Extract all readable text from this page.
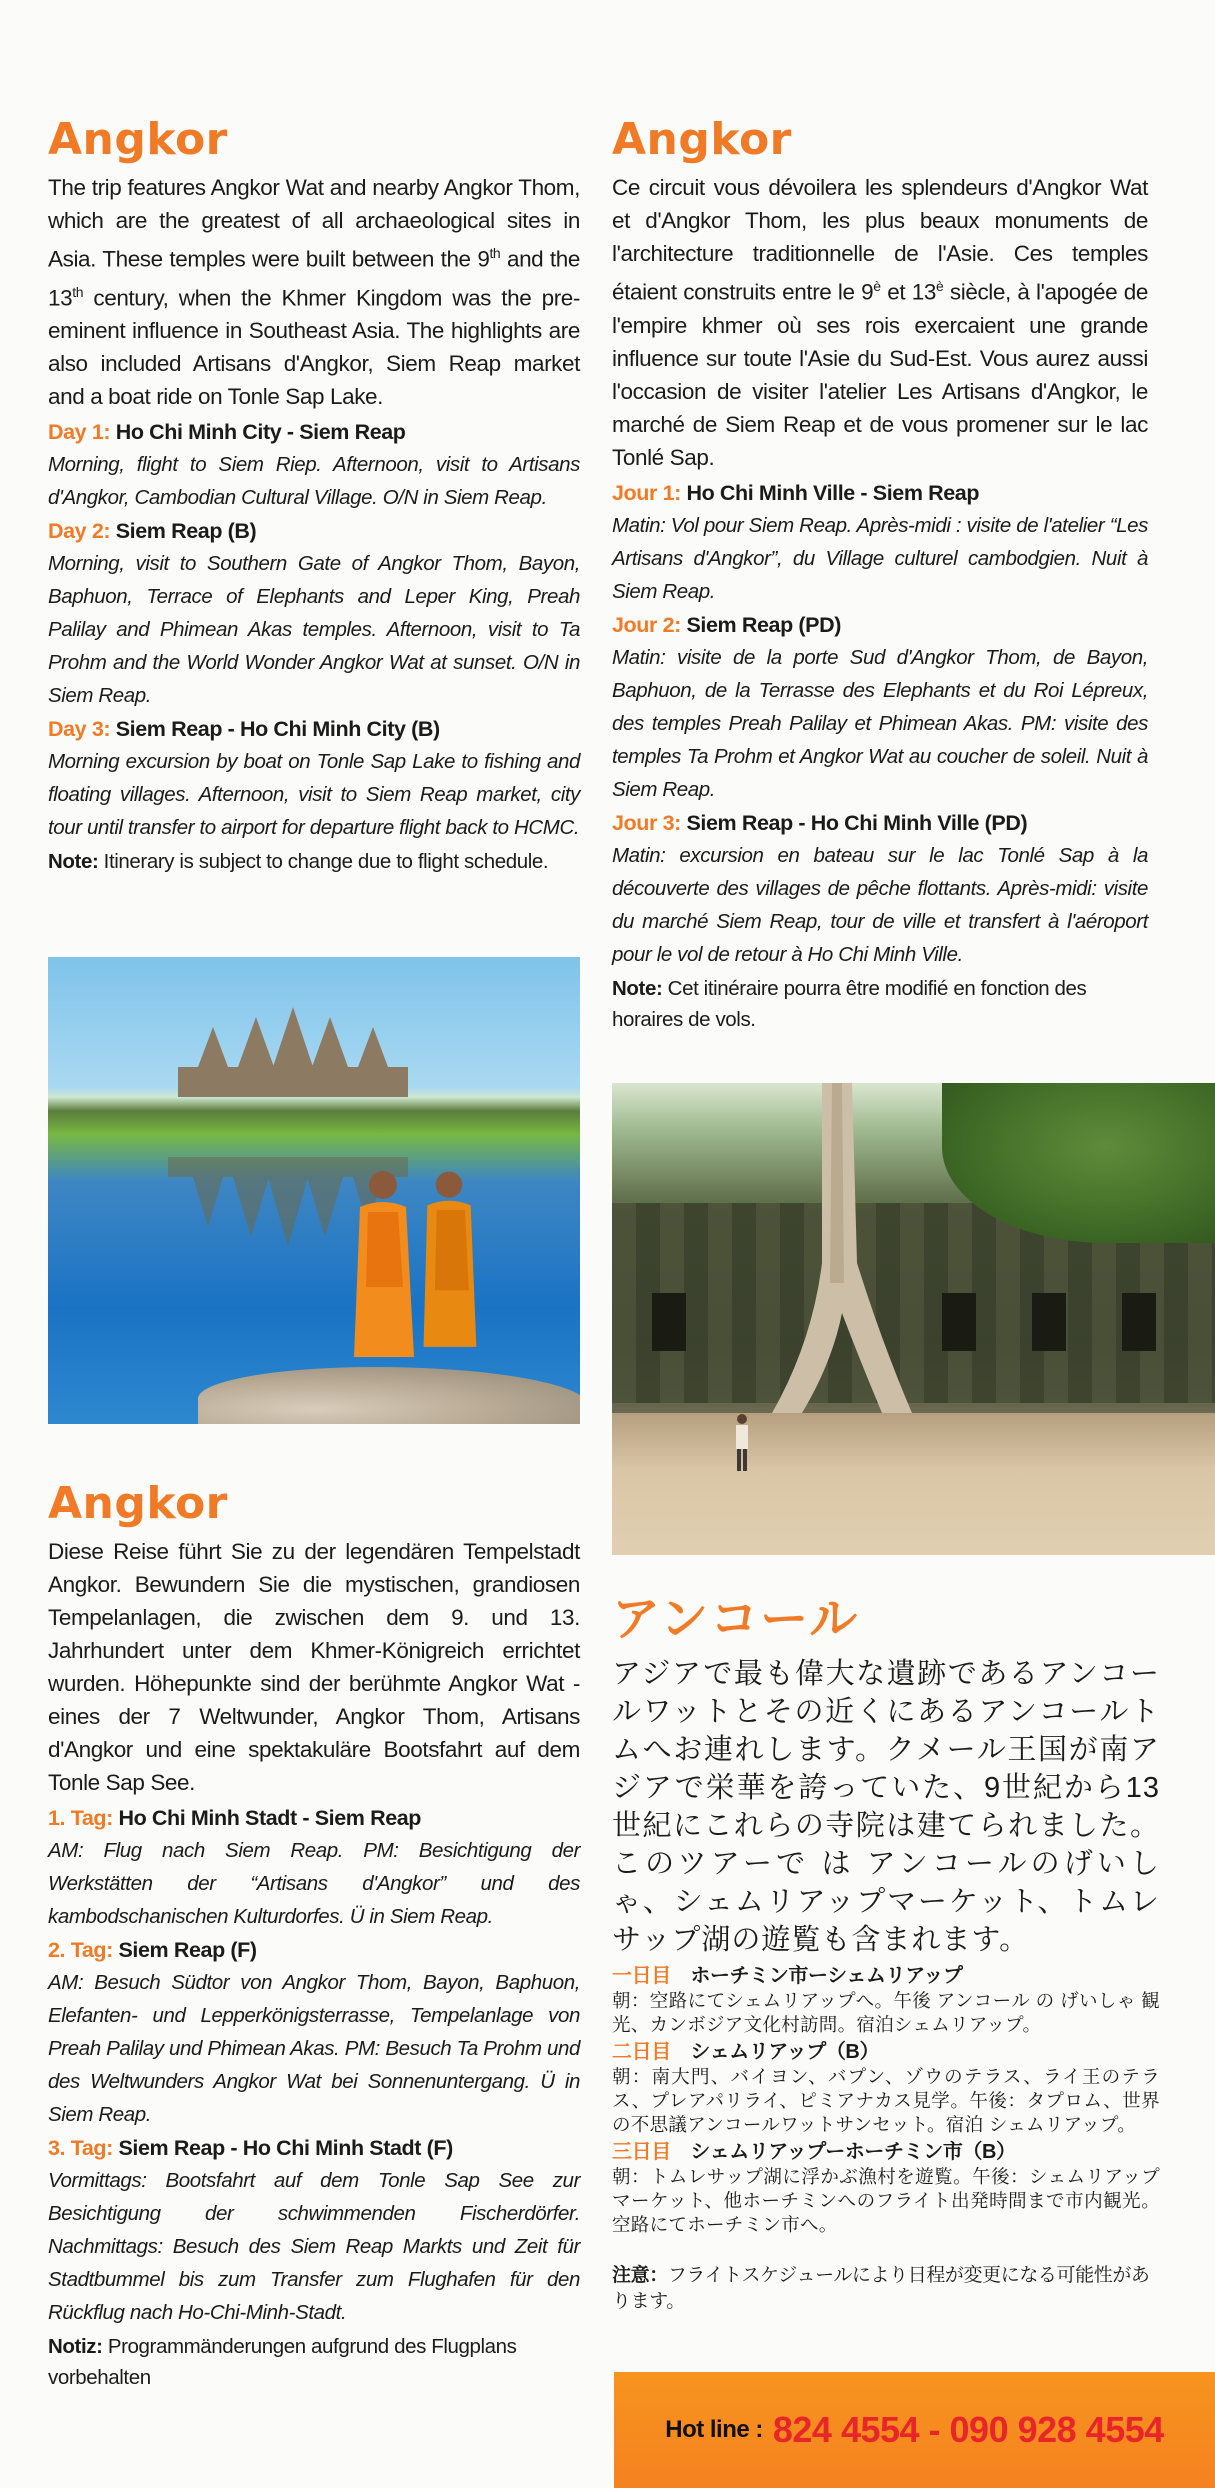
Angkor

The trip features Angkor Wat and nearby Angkor Thom, which are the greatest of all archaeological sites in Asia. These temples were built between the 9th and the 13th century, when the Khmer Kingdom was the pre-eminent influence in Southeast Asia. The highlights are also included Artisans d'Angkor, Siem Reap market and a boat ride on Tonle Sap Lake.

Day 1: Ho Chi Minh City - Siem Reap

Morning, flight to Siem Riep. Afternoon, visit to Artisans d'Angkor, Cambodian Cultural Village. O/N in Siem Reap.

Day 2: Siem Reap (B)

Morning, visit to Southern Gate of Angkor Thom, Bayon, Baphuon, Terrace of Elephants and Leper King, Preah Palilay and Phimean Akas temples. Afternoon, visit to Ta Prohm and the World Wonder Angkor Wat at sunset. O/N in Siem Reap.

Day 3: Siem Reap - Ho Chi Minh City (B)

Morning excursion by boat on Tonle Sap Lake to fishing and floating villages. Afternoon, visit to Siem Reap market, city tour until transfer to airport for departure flight back to HCMC.

Note: Itinerary is subject to change due to flight schedule.

Angkor

Ce circuit vous dévoilera les splendeurs d'Angkor Wat et d'Angkor Thom, les plus beaux monuments de l'architecture traditionnelle de l'Asie. Ces temples étaient construits entre le $9^è$ et $13^è$ siècle, à l'apogée de l'empire khmer où ses rois exercaient une grande influence sur toute l'Asie du Sud-Est. Vous aurez aussi l'occasion de visiter l'atelier Les Artisans d'Angkor, le marché de Siem Reap et de vous promener sur le lac Tonlé Sap.

Jour 1: Ho Chi Minh Ville - Siem Reap

Matin: Vol pour Siem Reap. Après-midi : visite de l'atelier “Les Artisans d'Angkor”, du Village culturel cambodgien. Nuit à Siem Reap.

Jour 2: Siem Reap (PD)

Matin: visite de la porte Sud d'Angkor Thom, de Bayon, Baphuon, de la Terrasse des Elephants et du Roi Lépreux, des temples Preah Palilay et Phimean Akas. PM: visite des temples Ta Prohm et Angkor Wat au coucher de soleil. Nuit à Siem Reap.

Jour 3: Siem Reap - Ho Chi Minh Ville (PD)

Matin: excursion en bateau sur le lac Tonlé Sap à la découverte des villages de pêche flottants. Après-midi: visite du marché Siem Reap, tour de ville et transfert à l'aéroport pour le vol de retour à Ho Chi Minh Ville.

Note: Cet itinéraire pourra être modifié en fonction des horaires de vols.

Angkor

Diese Reise führt Sie zu der legendären Tempelstadt Angkor. Bewundern Sie die mystischen, grandiosen Tempelanlagen, die zwischen dem 9. und 13. Jahrhundert unter dem Khmer-Königreich errichtet wurden. Höhepunkte sind der berühmte Angkor Wat - eines der 7 Weltwunder, Angkor Thom, Artisans d'Angkor und eine spektakuläre Bootsfahrt auf dem Tonle Sap See.

1. Tag: Ho Chi Minh Stadt - Siem Reap

AM: Flug nach Siem Reap. PM: Besichtigung der Werkstätten der “Artisans d'Angkor” und des kambodschanischen Kulturdorfes. Ü in Siem Reap.

2. Tag: Siem Reap (F)

AM: Besuch Südtor von Angkor Thom, Bayon, Baphuon, Elefanten- und Lepperkönigsterrasse, Tempelanlage von Preah Palilay und Phimean Akas. PM: Besuch Ta Prohm und des Weltwunders Angkor Wat bei Sonnenuntergang. Ü in Siem Reap.

3. Tag: Siem Reap - Ho Chi Minh Stadt (F)

Vormittags: Bootsfahrt auf dem Tonle Sap See zur Besichtigung der schwimmenden Fischerdörfer. Nachmittags: Besuch des Siem Reap Markts und Zeit für Stadtbummel bis zum Transfer zum Flughafen für den Rückflug nach Ho-Chi-Minh-Stadt.

Notiz: Programmänderungen aufgrund des Flugplans vorbehalten

アンコール

アジアで最も偉大な遺跡であるアンコールワットとその近くにあるアンコールトムへお連れします。クメール王国が南アジアで栄華を誇っていた、9世紀から13世紀にこれらの寺院は建てられました。このツアーで は アンコールのげいしゃ、シェムリアップマーケット、トムレサップ湖の遊覧も含まれます。

一日目　 ホーチミン市ーシェムリアップ

朝：空路にてシェムリアップへ。午後 アンコール の げいしゃ 観光、カンボジア文化村訪問。宿泊シェムリアップ。

二日目　 シェムリアップ（B）

朝：南大門、バイヨン、バプン、ゾウのテラス、ライ王のテラス、プレアパリライ、ピミアナカス見学。午後：タプロム、世界の不思議アンコールワットサンセット。宿泊 シェムリアップ。

三日目　 シェムリアップーホーチミン市（B）

朝：トムレサップ湖に浮かぶ漁村を遊覧。午後：シェムリアップマーケット、他ホーチミンへのフライト出発時間まで市内観光。空路にてホーチミン市へ。

注意：フライトスケジュールにより日程が変更になる可能性があります。

Hot line : 824 4554 - 090 928 4554
